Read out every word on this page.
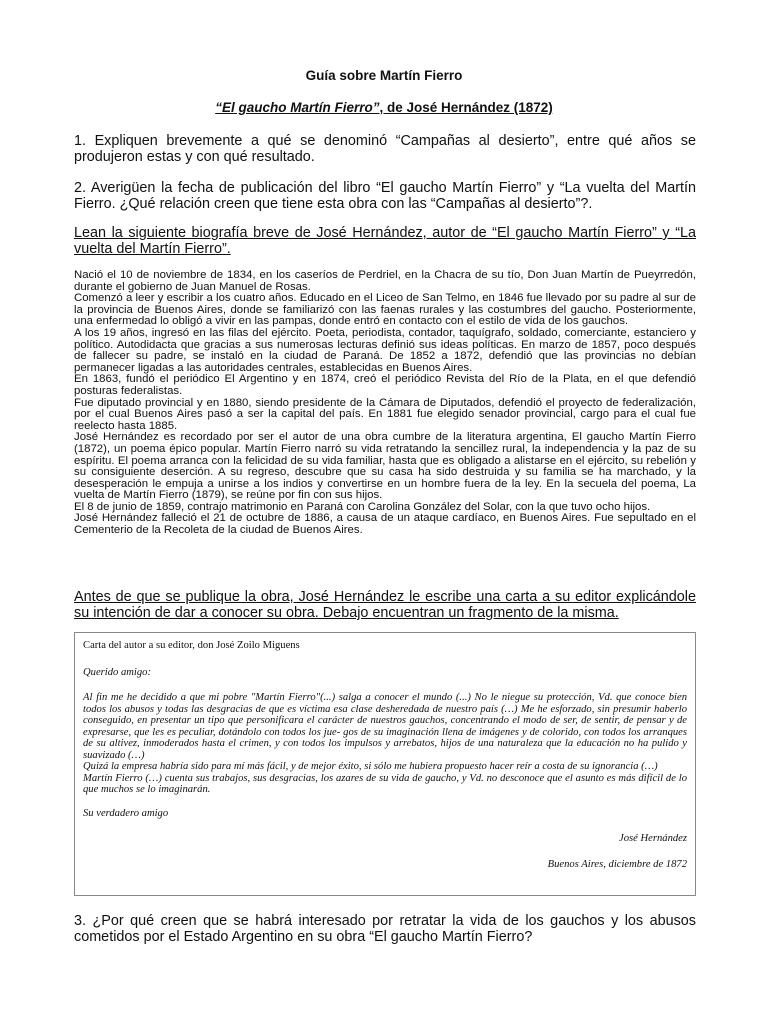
Guía sobre Martín Fierro
“El gaucho Martín Fierro”, de José Hernández (1872)
1. Expliquen brevemente a qué se denominó “Campañas al desierto”, entre qué años se produjeron estas y con qué resultado.
2. Averigüen la fecha de publicación del libro “El gaucho Martín Fierro” y “La vuelta del Martín Fierro. ¿Qué relación creen que tiene esta obra con las “Campañas al desierto”?.
Lean la siguiente biografía breve de José Hernández, autor de “El gaucho Martín Fierro” y “La vuelta del Martín Fierro”.

Nació el 10 de noviembre de 1834, en los caseríos de Perdriel, en la Chacra de su tío, Don Juan Martín de Pueyrredón, durante el gobierno de Juan Manuel de Rosas.

Comenzó a leer y escribir a los cuatro años. Educado en el Liceo de San Telmo, en 1846 fue llevado por su padre al sur de la provincia de Buenos Aires, donde se familiarizó con las faenas rurales y las costumbres del gaucho. Posteriormente, una enfermedad lo obligó a vivir en las pampas, donde entró en contacto con el estilo de vida de los gauchos.

A los 19 años, ingresó en las filas del ejército. Poeta, periodista, contador, taquígrafo, soldado, comerciante, estanciero y político. Autodidacta que gracias a sus numerosas lecturas definió sus ideas políticas. En marzo de 1857, poco después de fallecer su padre, se instaló en la ciudad de Paraná. De 1852 a 1872, defendió que las provincias no debían permanecer ligadas a las autoridades centrales, establecidas en Buenos Aires.

En 1863, fundó el periódico El Argentino y en 1874, creó el periódico Revista del Río de la Plata, en el que defendió posturas federalistas.

Fue diputado provincial y en 1880, siendo presidente de la Cámara de Diputados, defendió el proyecto de federalización, por el cual Buenos Aires pasó a ser la capital del país. En 1881 fue elegido senador provincial, cargo para el cual fue reelecto hasta 1885.

José Hernández es recordado por ser el autor de una obra cumbre de la literatura argentina, El gaucho Martín Fierro (1872), un poema épico popular. Martín Fierro narró su vida retratando la sencillez rural, la independencia y la paz de su espíritu. El poema arranca con la felicidad de su vida familiar, hasta que es obligado a alistarse en el ejército, su rebelión y su consiguiente deserción. A su regreso, descubre que su casa ha sido destruida y su familia se ha marchado, y la desesperación le empuja a unirse a los indios y convertirse en un hombre fuera de la ley. En la secuela del poema, La vuelta de Martín Fierro (1879), se reúne por fin con sus hijos.

El 8 de junio de 1859, contrajo matrimonio en Paraná con Carolina González del Solar, con la que tuvo ocho hijos.

José Hernández falleció el 21 de octubre de 1886, a causa de un ataque cardíaco, en Buenos Aires. Fue sepultado en el Cementerio de la Recoleta de la ciudad de Buenos Aires.

Antes de que se publique la obra, José Hernández le escribe una carta a su editor explicándole su intención de dar a conocer su obra. Debajo encuentran un fragmento de la misma.

Carta del autor a su editor, don José Zoilo Miguens

Querido amigo:

Al fin me he decidido a que mi pobre "Martín Fierro"(...) salga a conocer el mundo (...) No le niegue su protección, Vd. que conoce bien todos los abusos y todas las desgracias de que es víctima esa clase desheredada de nuestro país (…) Me he esforzado, sin presumir haberlo conseguido, en presentar un tipo que personificara el carácter de nuestros gauchos, concentrando el modo de ser, de sentir, de pensar y de expresarse, que les es peculiar, dotándolo con todos los jue- gos de su imaginación llena de imágenes y de colorido, con todos los arranques de su altivez, inmoderados hasta el crimen, y con todos los impulsos y arrebatos, hijos de una naturaleza que la educación no ha pulido y suavizado (…)

Quizá la empresa habría sido para mí más fácil, y de mejor éxito, si sólo me hubiera propuesto hacer reír a costa de su ignorancia (…)

Martín Fierro (…) cuenta sus trabajos, sus desgracias, los azares de su vida de gaucho, y Vd. no desconoce que el asunto es más difícil de lo que muchos se lo imaginarán.

Su verdadero amigo

José Hernández

Buenos Aires, diciembre de 1872

3. ¿Por qué creen que se habrá interesado por retratar la vida de los gauchos y los abusos cometidos por el Estado Argentino en su obra “El gaucho Martín Fierro?
